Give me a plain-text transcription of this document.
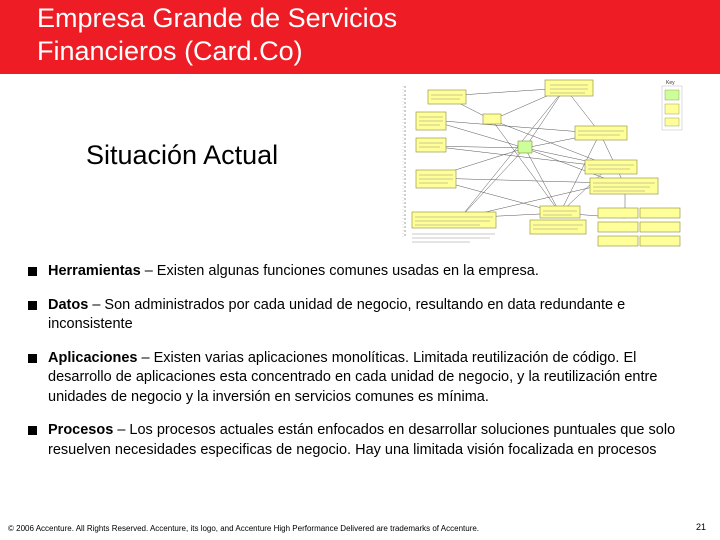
Empresa Grande de Servicios
Financieros (Card.Co)
Situación Actual
Key
Herramientas – Existen algunas funciones comunes usadas en la empresa.
Datos – Son administrados por cada unidad de negocio, resultando en data redundante e inconsistente
Aplicaciones – Existen varias aplicaciones monolíticas. Limitada reutilización de código. El desarrollo de aplicaciones esta concentrado en cada unidad de negocio, y la reutilización entre unidades de negocio y la inversión en servicios comunes es mínima.
Procesos – Los procesos actuales están enfocados en desarrollar soluciones puntuales que solo resuelven necesidades especificas de negocio. Hay una limitada visión focalizada en procesos
© 2006 Accenture. All Rights Reserved. Accenture, its logo, and Accenture High Performance Delivered are trademarks of Accenture.	21
